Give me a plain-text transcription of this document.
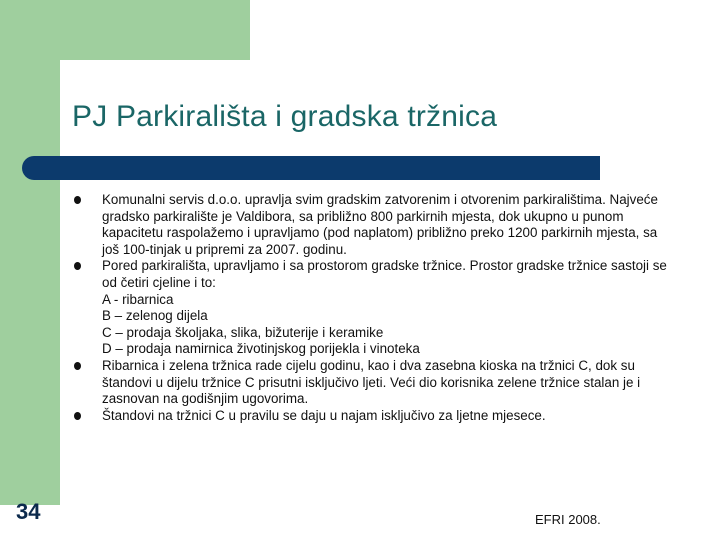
PJ Parkirališta i gradska tržnica

Komunalni servis d.o.o. upravlja svim gradskim zatvorenim i otvorenim parkiralištima. Najveće gradsko parkiralište je Valdibora, sa približno 800 parkirnih mjesta, dok ukupno u punom kapacitetu raspolažemo i upravljamo (pod naplatom) približno preko 1200 parkirnih mjesta, sa još 100-tinjak u pripremi za 2007. godinu.

Pored parkirališta, upravljamo i sa prostorom gradske tržnice. Prostor gradske tržnice sastoji se od četiri cjeline i to:

A - ribarnica

B – zelenog dijela

C – prodaja školjaka, slika, bižuterije i keramike

D – prodaja namirnica životinjskog porijekla i vinoteka

Ribarnica i zelena tržnica rade cijelu godinu, kao i dva zasebna kioska na tržnici C, dok su štandovi u dijelu tržnice C prisutni isključivo ljeti. Veći dio korisnika zelene tržnice stalan je i zasnovan na godišnjim ugovorima.

Štandovi na tržnici C u pravilu se daju u najam isključivo za ljetne mjesece.

34	EFRI 2008.
